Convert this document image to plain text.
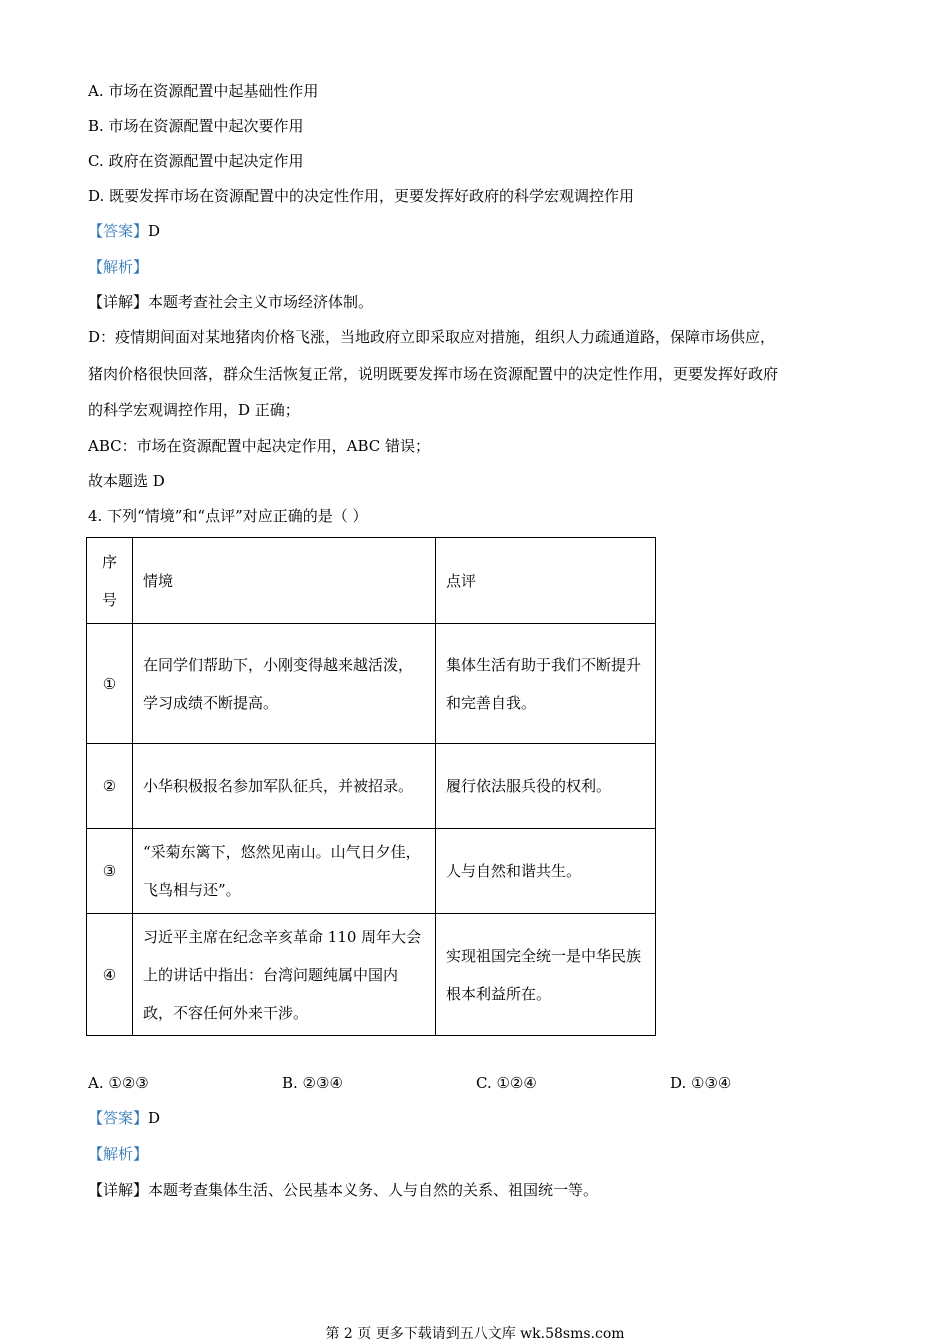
A. 市场在资源配置中起基础性作用
B. 市场在资源配置中起次要作用
C. 政府在资源配置中起决定作用
D. 既要发挥市场在资源配置中的决定性作用，更要发挥好政府的科学宏观调控作用
【答案】D
【解析】
【详解】本题考查社会主义市场经济体制。
D：疫情期间面对某地猪肉价格飞涨，当地政府立即采取应对措施，组织人力疏通道路，保障市场供应，
猪肉价格很快回落，群众生活恢复正常，说明既要发挥市场在资源配置中的决定性作用，更要发挥好政府
的科学宏观调控作用，D 正确；
ABC：市场在资源配置中起决定作用，ABC 错误；
故本题选 D
4. 下列“情境”和“点评”对应正确的是（ ）
序号	情境	点评
①	在同学们帮助下，小刚变得越来越活泼，学习成绩不断提高。	集体生活有助于我们不断提升和完善自我。
②	小华积极报名参加军队征兵，并被招录。	履行依法服兵役的权利。
③	“采菊东篱下，悠然见南山。山气日夕佳，飞鸟相与还”。	人与自然和谐共生。
④	习近平主席在纪念辛亥革命 110 周年大会上的讲话中指出：台湾问题纯属中国内政，不容任何外来干涉。	实现祖国完全统一是中华民族根本利益所在。
A. ①②③	B. ②③④	C. ①②④	D. ①③④
【答案】D
【解析】
【详解】本题考查集体生活、公民基本义务、人与自然的关系、祖国统一等。
第 2 页 更多下载请到五八文库 wk.58sms.com
